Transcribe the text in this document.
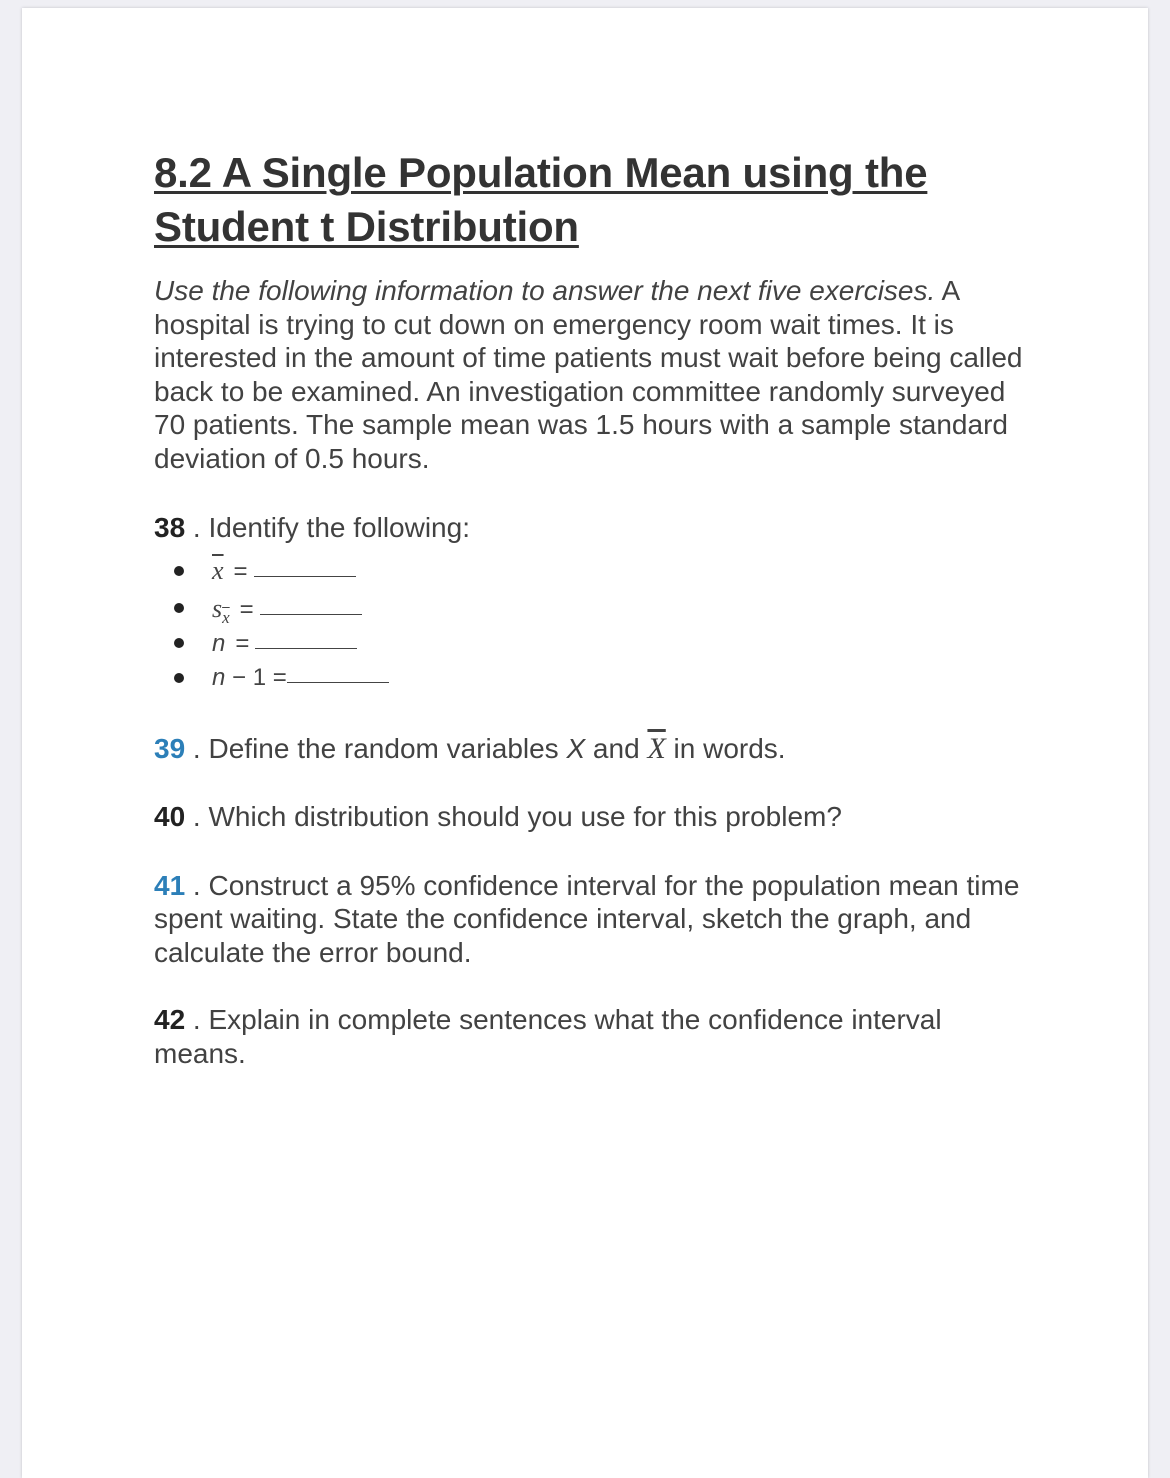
8.2 A Single Population Mean using the Student t Distribution

Use the following information to answer the next five exercises. A hospital is trying to cut down on emergency room wait times. It is interested in the amount of time patients must wait before being called back to be examined. An investigation committee randomly surveyed 70 patients. The sample mean was 1.5 hours with a sample standard deviation of 0.5 hours.

38 . Identify the following:
$\overline{x}$ =
$s_{\overline{x}}$ =
n =
n − 1 =
39 . Define the random variables X and $\overline{X}$ in words.
40 . Which distribution should you use for this problem?
41 . Construct a 95% confidence interval for the population mean time spent waiting. State the confidence interval, sketch the graph, and calculate the error bound.
42 . Explain in complete sentences what the confidence interval means.
